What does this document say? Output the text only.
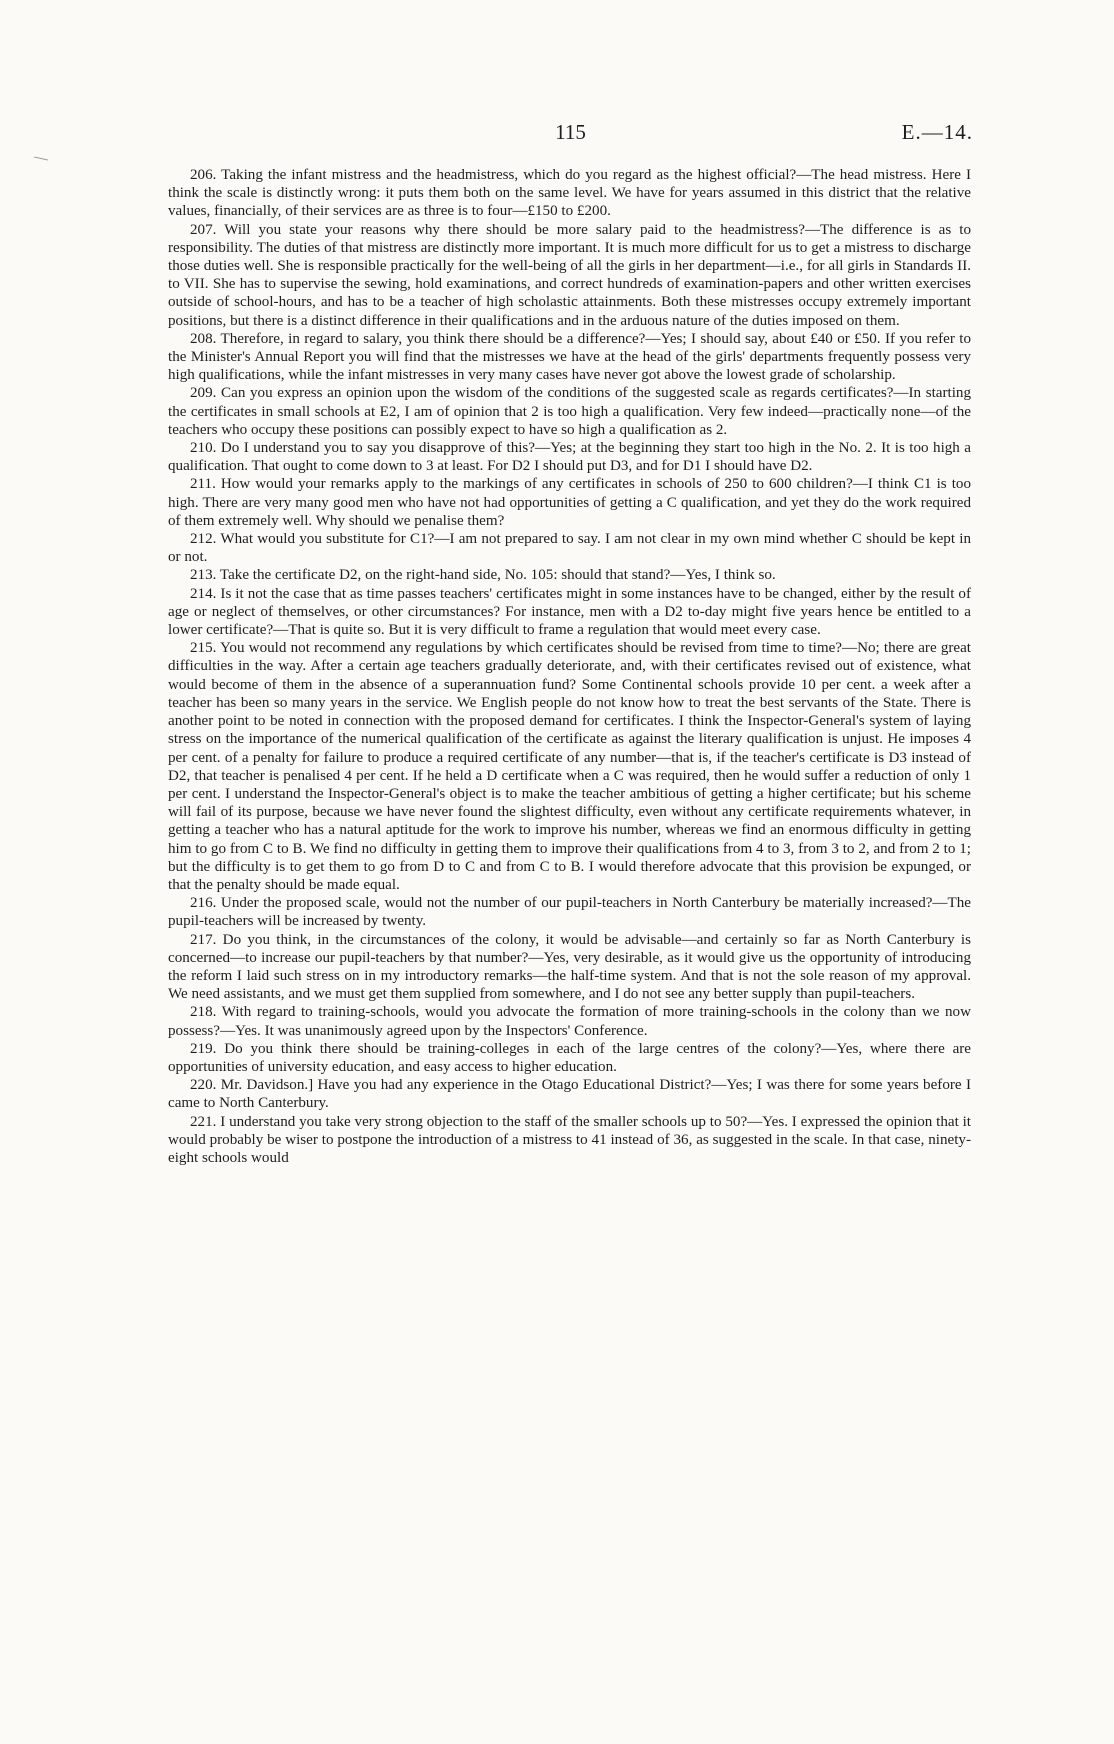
115	E.—14.

206. Taking the infant mistress and the headmistress, which do you regard as the highest official?—The head mistress. Here I think the scale is distinctly wrong: it puts them both on the same level. We have for years assumed in this district that the relative values, financially, of their services are as three is to four—£150 to £200.

207. Will you state your reasons why there should be more salary paid to the headmistress?—The difference is as to responsibility. The duties of that mistress are distinctly more important. It is much more difficult for us to get a mistress to discharge those duties well. She is responsible practically for the well-being of all the girls in her department—i.e., for all girls in Standards II. to VII. She has to supervise the sewing, hold examinations, and correct hundreds of examination-papers and other written exercises outside of school-hours, and has to be a teacher of high scholastic attainments. Both these mistresses occupy extremely important positions, but there is a distinct difference in their qualifications and in the arduous nature of the duties imposed on them.

208. Therefore, in regard to salary, you think there should be a difference?—Yes; I should say, about £40 or £50. If you refer to the Minister's Annual Report you will find that the mistresses we have at the head of the girls' departments frequently possess very high qualifications, while the infant mistresses in very many cases have never got above the lowest grade of scholarship.

209. Can you express an opinion upon the wisdom of the conditions of the suggested scale as regards certificates?—In starting the certificates in small schools at E2, I am of opinion that 2 is too high a qualification. Very few indeed—practically none—of the teachers who occupy these positions can possibly expect to have so high a qualification as 2.

210. Do I understand you to say you disapprove of this?—Yes; at the beginning they start too high in the No. 2. It is too high a qualification. That ought to come down to 3 at least. For D2 I should put D3, and for D1 I should have D2.

211. How would your remarks apply to the markings of any certificates in schools of 250 to 600 children?—I think C1 is too high. There are very many good men who have not had opportunities of getting a C qualification, and yet they do the work required of them extremely well. Why should we penalise them?

212. What would you substitute for C1?—I am not prepared to say. I am not clear in my own mind whether C should be kept in or not.

213. Take the certificate D2, on the right-hand side, No. 105: should that stand?—Yes, I think so.

214. Is it not the case that as time passes teachers' certificates might in some instances have to be changed, either by the result of age or neglect of themselves, or other circumstances? For instance, men with a D2 to-day might five years hence be entitled to a lower certificate?—That is quite so. But it is very difficult to frame a regulation that would meet every case.

215. You would not recommend any regulations by which certificates should be revised from time to time?—No; there are great difficulties in the way. After a certain age teachers gradually deteriorate, and, with their certificates revised out of existence, what would become of them in the absence of a superannuation fund? Some Continental schools provide 10 per cent. a week after a teacher has been so many years in the service. We English people do not know how to treat the best servants of the State. There is another point to be noted in connection with the proposed demand for certificates. I think the Inspector-General's system of laying stress on the importance of the numerical qualification of the certificate as against the literary qualification is unjust. He imposes 4 per cent. of a penalty for failure to produce a required certificate of any number—that is, if the teacher's certificate is D3 instead of D2, that teacher is penalised 4 per cent. If he held a D certificate when a C was required, then he would suffer a reduction of only 1 per cent. I understand the Inspector-General's object is to make the teacher ambitious of getting a higher certificate; but his scheme will fail of its purpose, because we have never found the slightest difficulty, even without any certificate requirements whatever, in getting a teacher who has a natural aptitude for the work to improve his number, whereas we find an enormous difficulty in getting him to go from C to B. We find no difficulty in getting them to improve their qualifications from 4 to 3, from 3 to 2, and from 2 to 1; but the difficulty is to get them to go from D to C and from C to B. I would therefore advocate that this provision be expunged, or that the penalty should be made equal.

216. Under the proposed scale, would not the number of our pupil-teachers in North Canterbury be materially increased?—The pupil-teachers will be increased by twenty.

217. Do you think, in the circumstances of the colony, it would be advisable—and certainly so far as North Canterbury is concerned—to increase our pupil-teachers by that number?—Yes, very desirable, as it would give us the opportunity of introducing the reform I laid such stress on in my introductory remarks—the half-time system. And that is not the sole reason of my approval. We need assistants, and we must get them supplied from somewhere, and I do not see any better supply than pupil-teachers.

218. With regard to training-schools, would you advocate the formation of more training-schools in the colony than we now possess?—Yes. It was unanimously agreed upon by the Inspectors' Conference.

219. Do you think there should be training-colleges in each of the large centres of the colony?—Yes, where there are opportunities of university education, and easy access to higher education.

220. Mr. Davidson.] Have you had any experience in the Otago Educational District?—Yes; I was there for some years before I came to North Canterbury.

221. I understand you take very strong objection to the staff of the smaller schools up to 50?—Yes. I expressed the opinion that it would probably be wiser to postpone the introduction of a mistress to 41 instead of 36, as suggested in the scale. In that case, ninety-eight schools would
